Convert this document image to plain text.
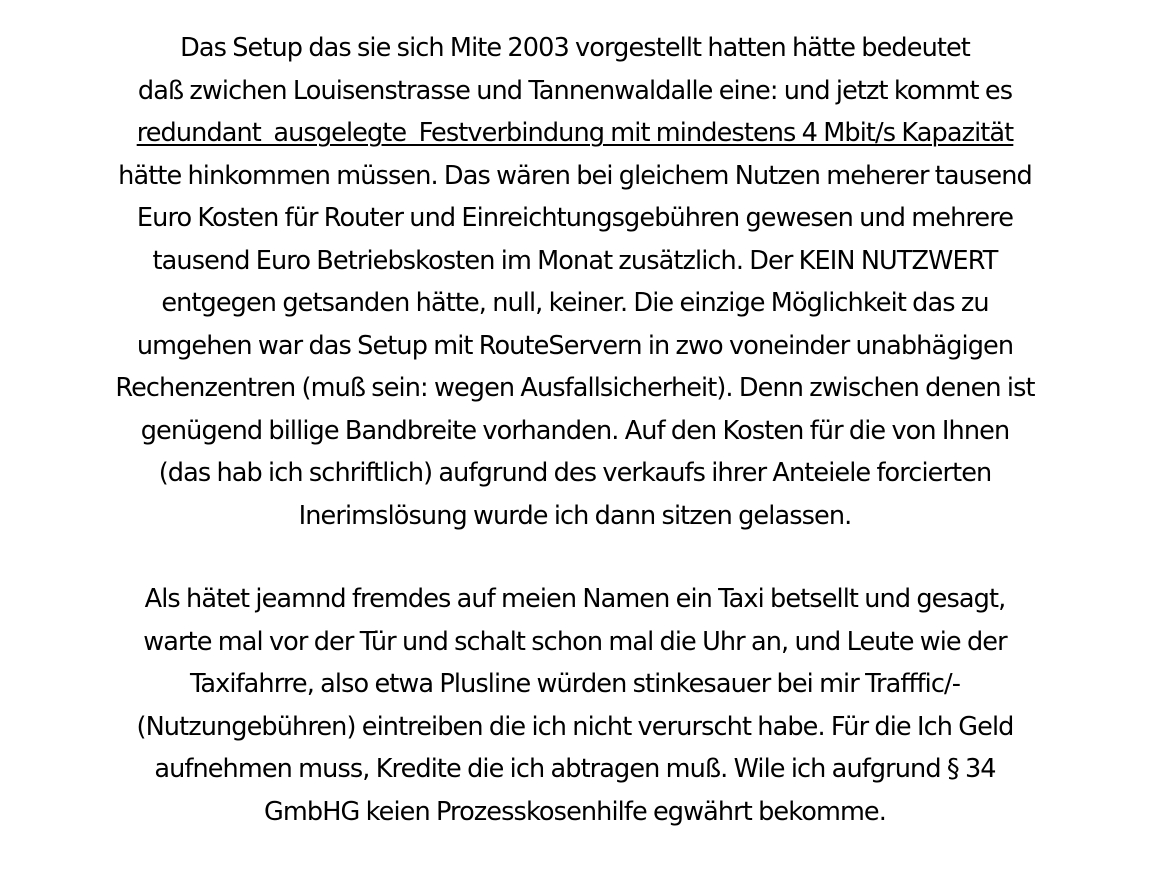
Das Setup das sie sich Mite 2003 vorgestellt hatten hätte bedeutet
daß zwichen Louisenstrasse und Tannenwaldalle eine: und jetzt kommt es
redundant  ausgelegte  Festverbindung mit mindestens 4 Mbit/s Kapazität
hätte hinkommen müssen. Das wären bei gleichem Nutzen meherer tausend
Euro Kosten für Router und Einreichtungsgebühren gewesen und mehrere
tausend Euro Betriebskosten im Monat zusätzlich. Der KEIN NUTZWERT
entgegen getsanden hätte, null, keiner. Die einzige Möglichkeit das zu
umgehen war das Setup mit RouteServern in zwo voneinder unabhägigen
Rechenzentren (muß sein: wegen Ausfallsicherheit). Denn zwischen denen ist
genügend billige Bandbreite vorhanden. Auf den Kosten für die von Ihnen
(das hab ich schriftlich) aufgrund des verkaufs ihrer Anteiele forcierten
Inerimslösung wurde ich dann sitzen gelassen.
Als hätet jeamnd fremdes auf meien Namen ein Taxi betsellt und gesagt,
warte mal vor der Tür und schalt schon mal die Uhr an, und Leute wie der
Taxifahrre, also etwa Plusline würden stinkesauer bei mir Trafffic/-
(Nutzungebühren) eintreiben die ich nicht verurscht habe. Für die Ich Geld
aufnehmen muss, Kredite die ich abtragen muß. Wile ich aufgrund § 34
GmbHG keien Prozesskosenhilfe egwährt bekomme.
